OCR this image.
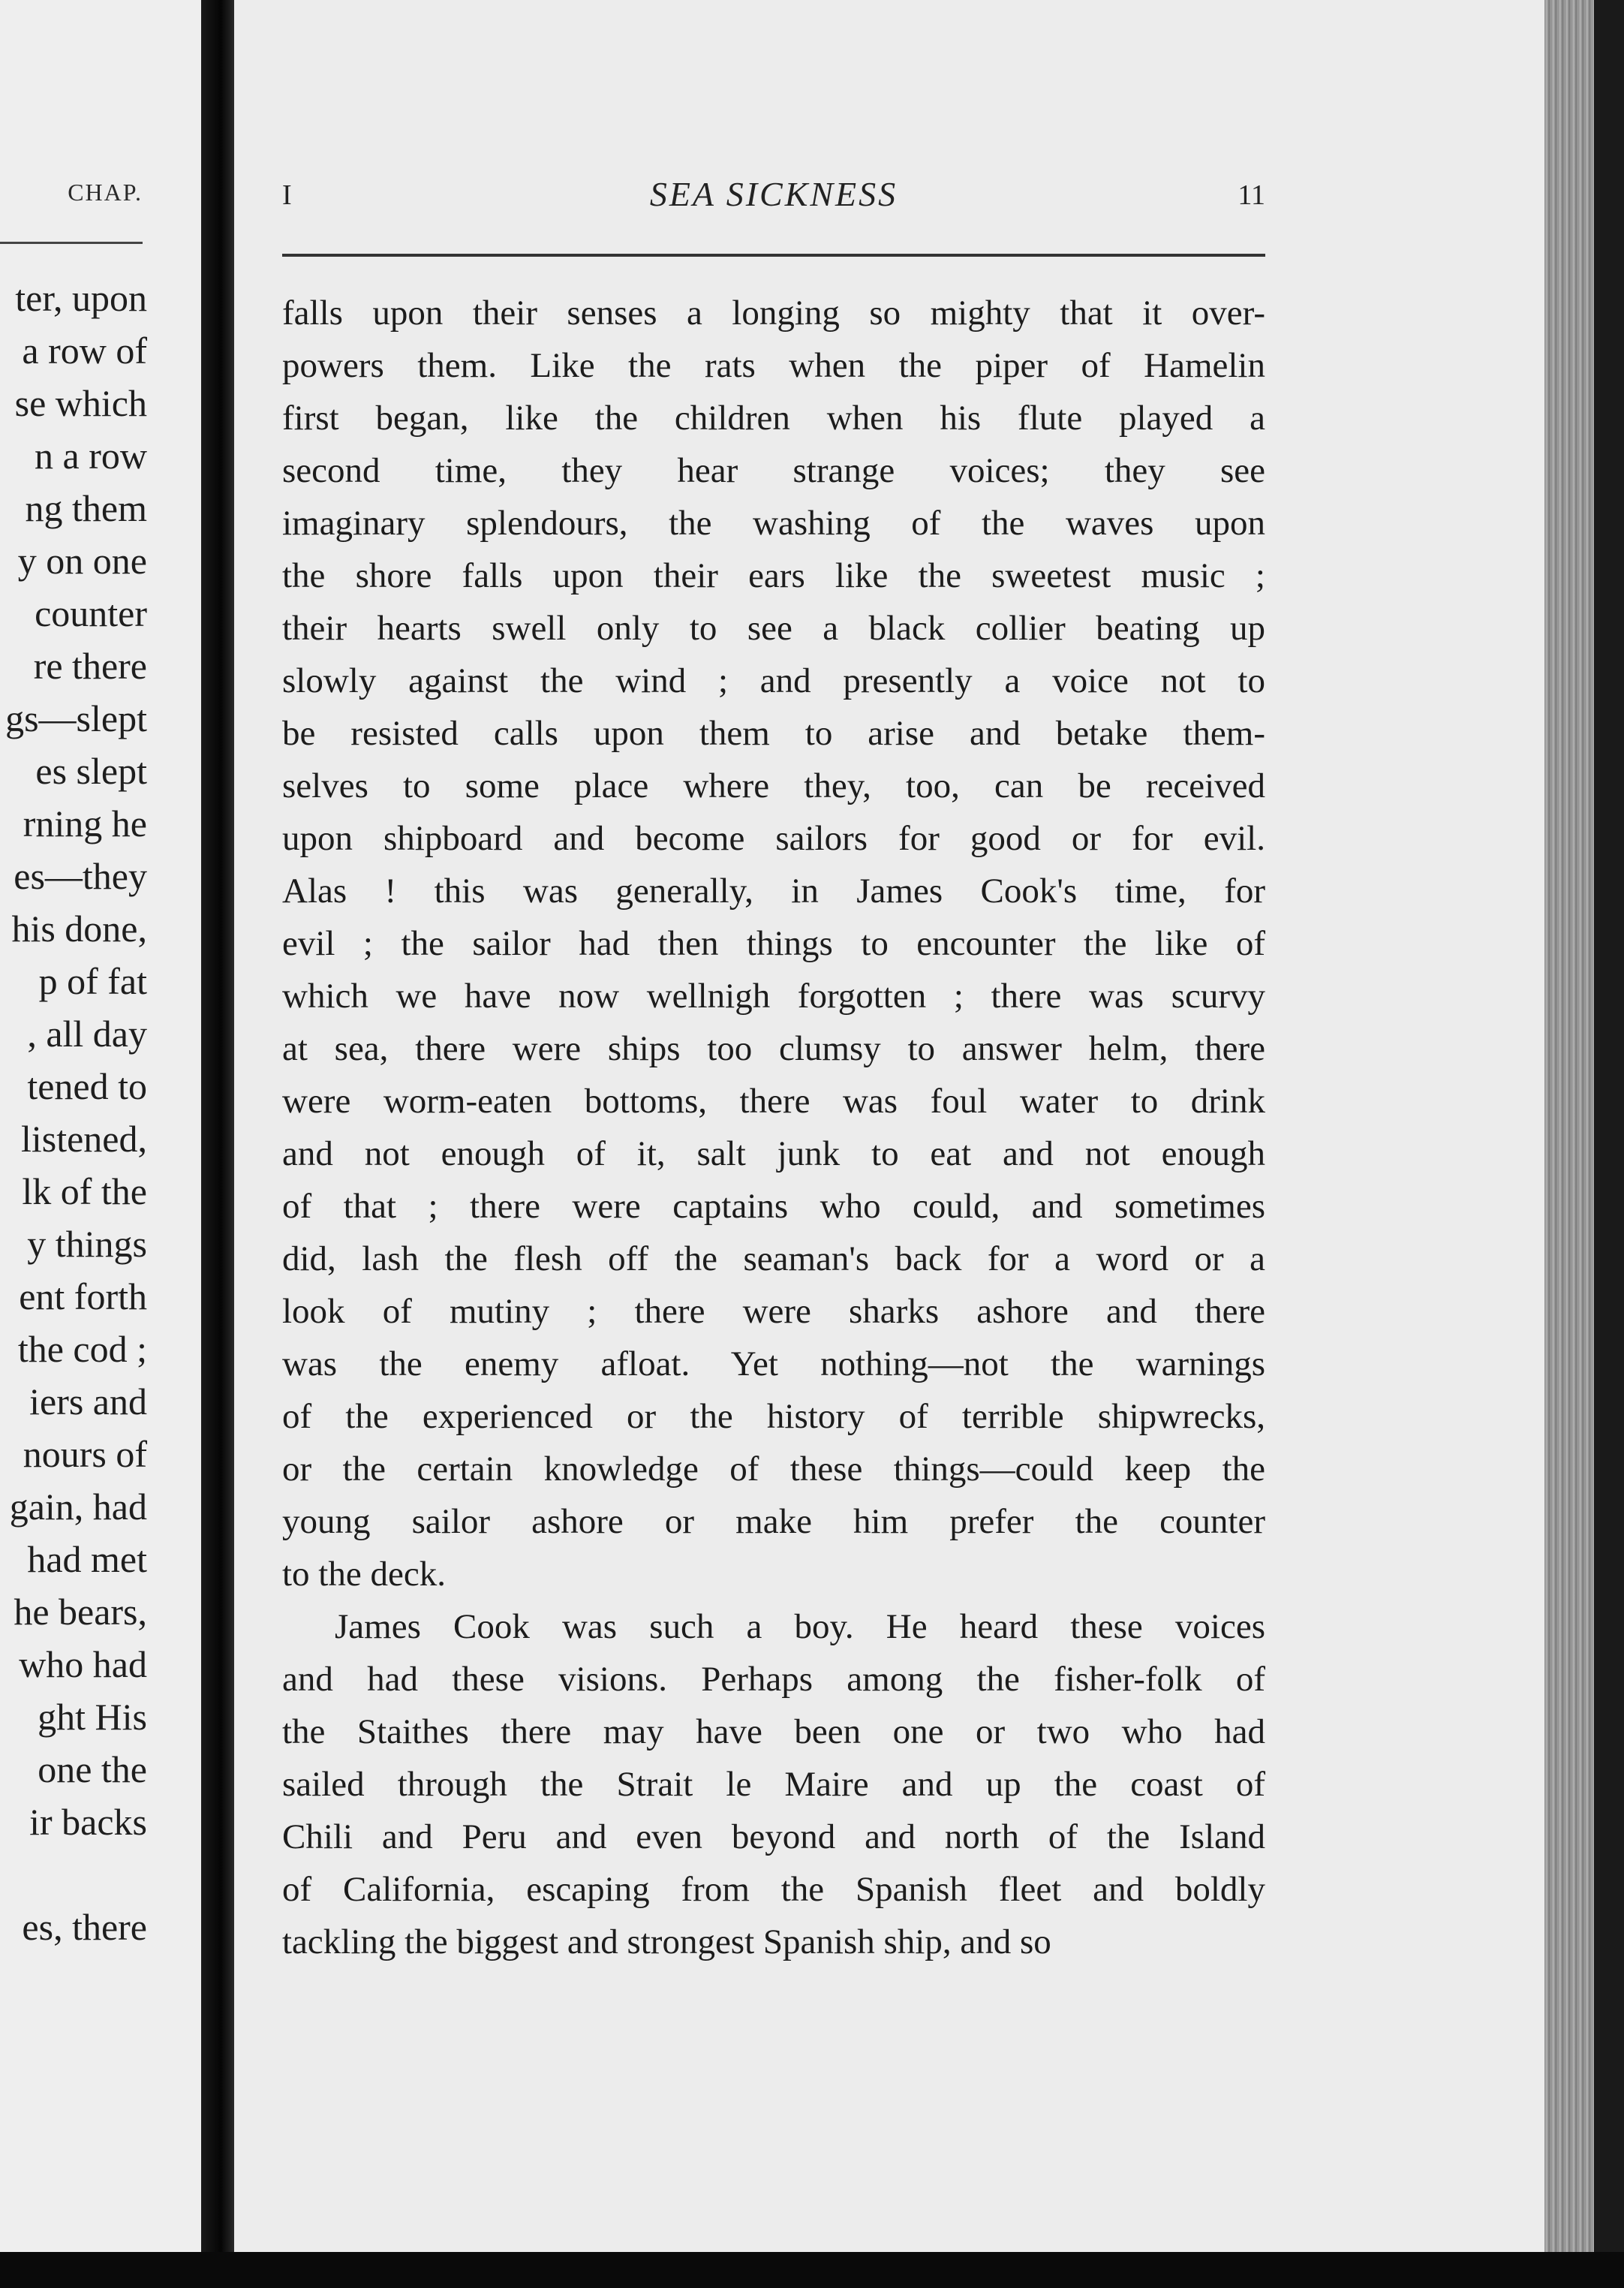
CHAP.
ter, upon
a row of
se which
n a row
ng them
y on one
counter
re there
gs—slept
es slept
rning he
es—they
his done,
p of fat
, all day
tened to
listened,
lk of the
y things
ent forth
the cod ;
iers and
nours of
gain, had
had met
he bears,
who had
ght His
one the
ir backs
es, there
I	SEA SICKNESS	11
falls upon their senses a longing so mighty that it over-
powers them. Like the rats when the piper of Hamelin
first began, like the children when his flute played a
second time, they hear strange voices; they see
imaginary splendours, the washing of the waves upon
the shore falls upon their ears like the sweetest music ;
their hearts swell only to see a black collier beating up
slowly against the wind ; and presently a voice not to
be resisted calls upon them to arise and betake them-
selves to some place where they, too, can be received
upon shipboard and become sailors for good or for evil.
Alas ! this was generally, in James Cook's time, for
evil ; the sailor had then things to encounter the like of
which we have now wellnigh forgotten ; there was scurvy
at sea, there were ships too clumsy to answer helm, there
were worm-eaten bottoms, there was foul water to drink
and not enough of it, salt junk to eat and not enough
of that ; there were captains who could, and sometimes
did, lash the flesh off the seaman's back for a word or a
look of mutiny ; there were sharks ashore and there
was the enemy afloat. Yet nothing—not the warnings
of the experienced or the history of terrible shipwrecks,
or the certain knowledge of these things—could keep the
young sailor ashore or make him prefer the counter
to the deck.
James Cook was such a boy. He heard these voices
and had these visions. Perhaps among the fisher-folk of
the Staithes there may have been one or two who had
sailed through the Strait le Maire and up the coast of
Chili and Peru and even beyond and north of the Island
of California, escaping from the Spanish fleet and boldly
tackling the biggest and strongest Spanish ship, and so
